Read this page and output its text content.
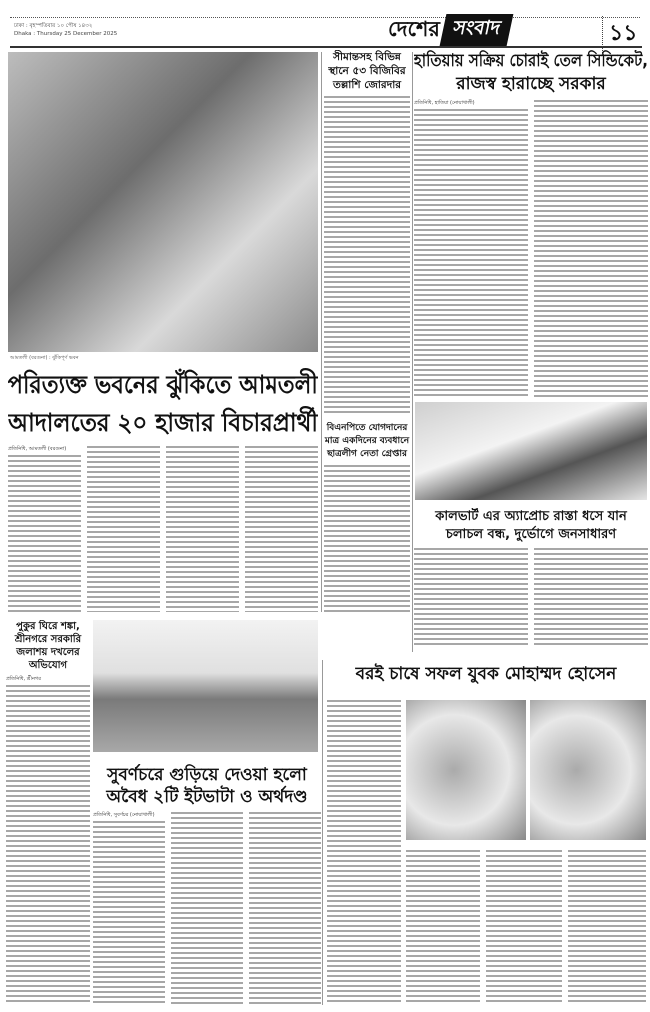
ঢাকা : বৃহস্পতিবার ১০ পৌষ ১৪৩২
Dhaka : Thursday 25 December 2025	দেশের সংবাদ	১১
আমতলী (বরগুনা) : ঝুঁকিপূর্ণ ভবন
পরিত্যক্ত ভবনের ঝুঁকিতে আমতলী
আদালতের ২০ হাজার বিচারপ্রার্থী
প্রতিনিধি, আমতলী (বরগুনা)
সীমান্তসহ বিভিন্ন স্থানে ৫৩ বিজিবির তল্লাশি জোরদার
বিএনপিতে যোগদানের মাত্র একদিনের ব্যবধানে ছাত্রলীগ নেতা গ্রেপ্তার
হাতিয়ায় সক্রিয় চোরাই তেল সিন্ডিকেট,
রাজস্ব হারাচ্ছে সরকার
প্রতিনিধি, হাতিয়া (নোয়াখালী)
কালভার্ট এর অ্যাপ্রোচ রাস্তা ধসে যান
চলাচল বন্ধ, দুর্ভোগে জনসাধারণ
পুকুর ঘিরে শঙ্কা, শ্রীনগরে সরকারি জলাশয় দখলের অভিযোগ
প্রতিনিধি, শ্রীনগর
সুবর্ণচরে গুড়িয়ে দেওয়া হলো
অবৈধ ২টি ইটভাটা ও অর্থদণ্ড
প্রতিনিধি, সুবর্ণচর (নোয়াখালী)
বরই চাষে সফল যুবক মোহাম্মদ হোসেন
